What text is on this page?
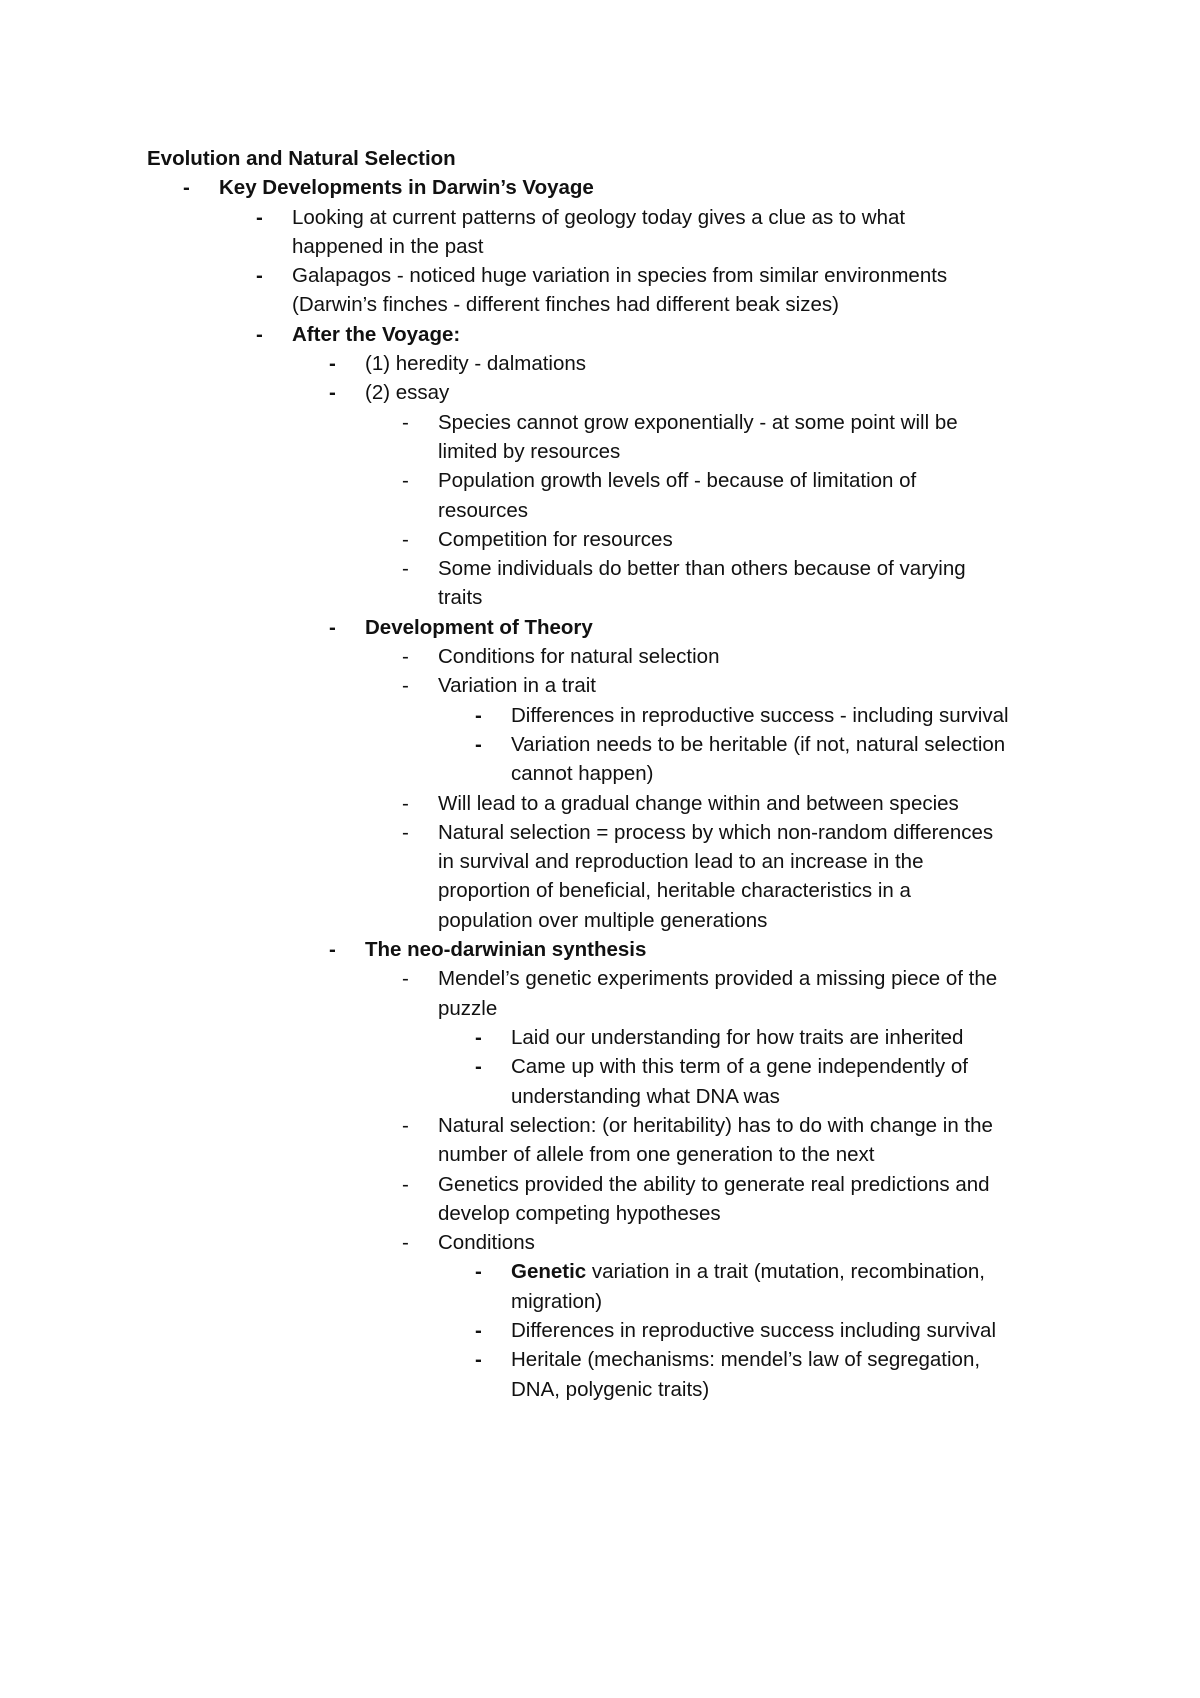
Evolution and Natural Selection
-	Key Developments in Darwin’s Voyage
-	Looking at current patterns of geology today gives a clue as to what
happened in the past
-	Galapagos - noticed huge variation in species from similar environments
(Darwin’s finches - different finches had different beak sizes)
-	After the Voyage:
-	(1) heredity - dalmations
-	(2) essay
-	Species cannot grow exponentially - at some point will be
limited by resources
-	Population growth levels off - because of limitation of
resources
-	Competition for resources
-	Some individuals do better than others because of varying
traits
-	Development of Theory
-	Conditions for natural selection
-	Variation in a trait
-	Differences in reproductive success - including survival
-	Variation needs to be heritable (if not, natural selection
cannot happen)
-	Will lead to a gradual change within and between species
-	Natural selection = process by which non-random differences
in survival and reproduction lead to an increase in the
proportion of beneficial, heritable characteristics in a
population over multiple generations
-	The neo-darwinian synthesis
-	Mendel’s genetic experiments provided a missing piece of the
puzzle
-	Laid our understanding for how traits are inherited
-	Came up with this term of a gene independently of
understanding what DNA was
-	Natural selection: (or heritability) has to do with change in the
number of allele from one generation to the next
-	Genetics provided the ability to generate real predictions and
develop competing hypotheses
-	Conditions
-	Genetic variation in a trait (mutation, recombination,
migration)
-	Differences in reproductive success including survival
-	Heritale (mechanisms: mendel’s law of segregation,
DNA, polygenic traits)
